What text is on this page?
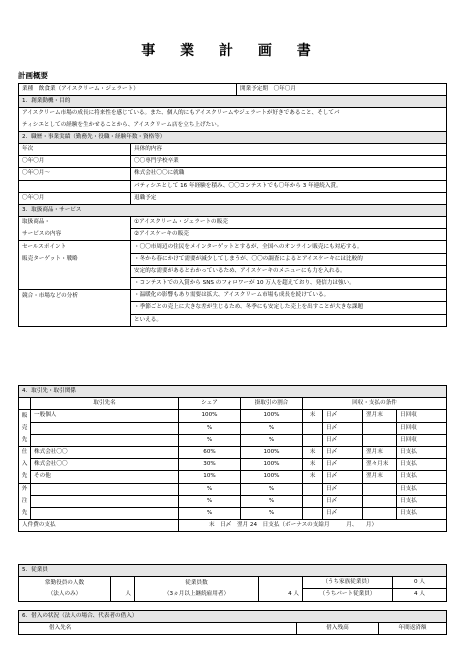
事 業 計 画 書
計画概要
業種　飲食業（アイスクリーム・ジェラート）		開業予定期　〇年〇月
1．創業動機・目的		
アイスクリーム市場の成長に将来性を感じている。また、個人的にもアイスクリームやジェラートが好きであること、そしてパ		
ティシエとしての経験を生かせることから、アイスクリーム店を立ち上げたい。		
2．職歴・事業実績（勤務先・役職・経験年数・資格等）		
年次	具体的内容	
〇年〇月	〇〇専門学校卒業	
〇年〇月～	株式会社〇〇に就職	
	パティシエとして 16 年経験を積み、〇〇コンテストでも〇年から 3 年連続入賞。	
〇年〇月	退職予定	
3．取扱商品・サービス		
取扱商品・	①アイスクリーム・ジェラートの販売	
サービスの内容	②アイスケーキの販売	
セールスポイント	・〇〇市周辺の住民をメインターゲットとするが、全国へのオンライン販売にも対応する。	
販売ターゲット・戦略	・冬から春にかけて需要が減少してしまうが、〇〇の調査によるとアイスケーキには比較的	
	安定的な需要があるとわかっているため、アイスケーキのメニューにも力を入れる。	
	・コンテストでの入賞から SNS のフォロワーが 10 万人を超えており、発信力は強い。	
競合・市場などの分析	・温暖化の影響もあり需要は拡大、アイスクリーム市場も成長を続けている。	
	・季節ごとの売上に大きな差が生じるため、冬季にも安定した売上を出すことが大きな課題	
	といえる。	
4．取引先・取引関係							
	取引先名	シェア	掛取引の割合	回収・支払の条件			
販	一般個人	100%	100%	末	日〆	翌月末	日回収
売		%	%		日〆		日回収
先		%	%		日〆		日回収
仕	株式会社〇〇	60%	100%	末	日〆	翌月末	日支払
入	株式会社〇〇	30%	100%	末	日〆	翌々月末	日支払
先	その他	10%	100%	末	日〆	翌月末	日支払
外		%	%		日〆		日支払
注		%	%		日〆		日支払
先		%	%		日〆		日支払
人件費の支払		末　日〆　翌月 24　日支払（ボーナスの支給月　　　月、　　月）					
5．従業員					
常勤役員の人数		従業員数		（うち家族従業員）	0 人
（法人のみ）	人	（3ヵ月以上継続雇用者）	4 人	（うちパート従業員）	4 人
6．借入の状況（法人の場合、代表者の借入）
借入先名	借入残高	年間返済額
